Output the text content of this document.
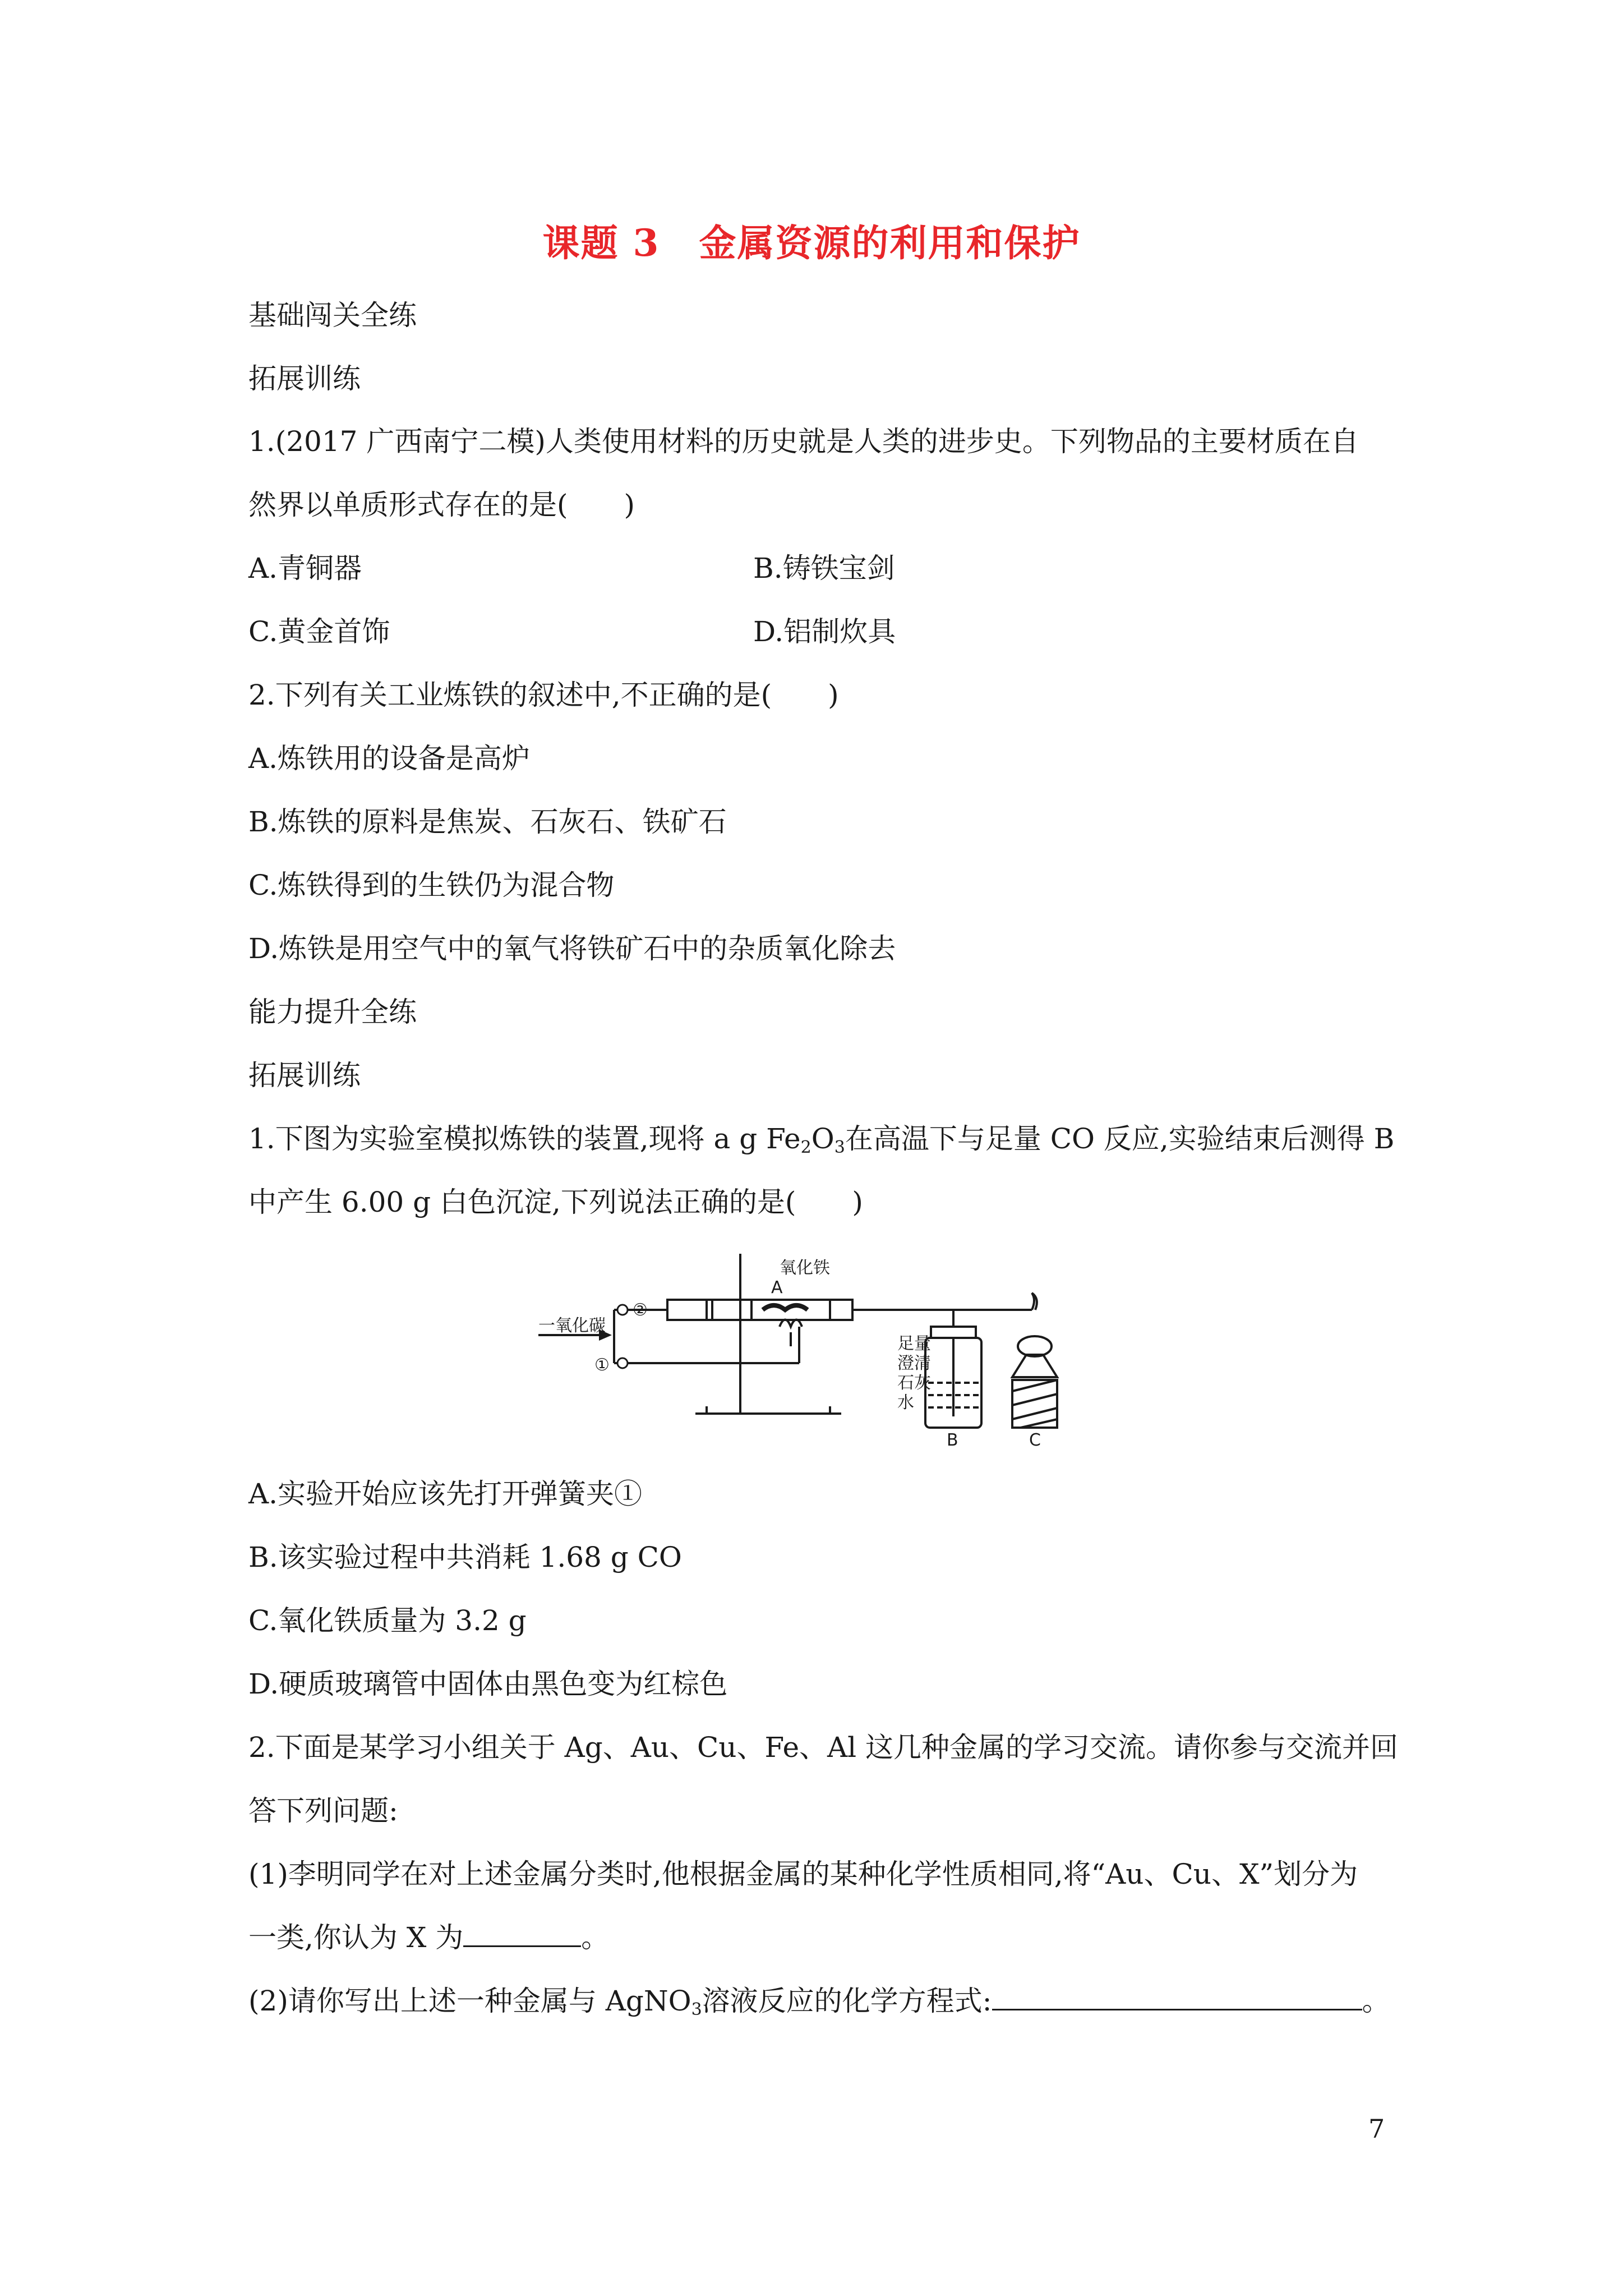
课题 3 金属资源的利用和保护
基础闯关全练
拓展训练
1.(2017 广西南宁二模)人类使用材料的历史就是人类的进步史。下列物品的主要材质在自
然界以单质形式存在的是(　　)
A.青铜器	B.铸铁宝剑
C.黄金首饰	D.铝制炊具
2.下列有关工业炼铁的叙述中,不正确的是(　　)
A.炼铁用的设备是高炉
B.炼铁的原料是焦炭、石灰石、铁矿石
C.炼铁得到的生铁仍为混合物
D.炼铁是用空气中的氧气将铁矿石中的杂质氧化除去
能力提升全练
拓展训练
1.下图为实验室模拟炼铁的装置,现将 a g $Fe_2O_3$在高温下与足量 CO 反应,实验结束后测得 B
中产生 6.00 g 白色沉淀,下列说法正确的是(　　)
一氧化碳
②
①
氧化铁
A
足量
澄清
石灰
水
B	C
A.实验开始应该先打开弹簧夹①
B.该实验过程中共消耗 1.68 g CO
C.氧化铁质量为 3.2 g
D.硬质玻璃管中固体由黑色变为红棕色
2.下面是某学习小组关于 Ag、Au、Cu、Fe、Al 这几种金属的学习交流。请你参与交流并回
答下列问题:
(1)李明同学在对上述金属分类时,他根据金属的某种化学性质相同,将“Au、Cu、X”划分为
一类,你认为 X 为	。
(2)请你写出上述一种金属与 AgNO$_3$溶液反应的化学方程式:	。
7
